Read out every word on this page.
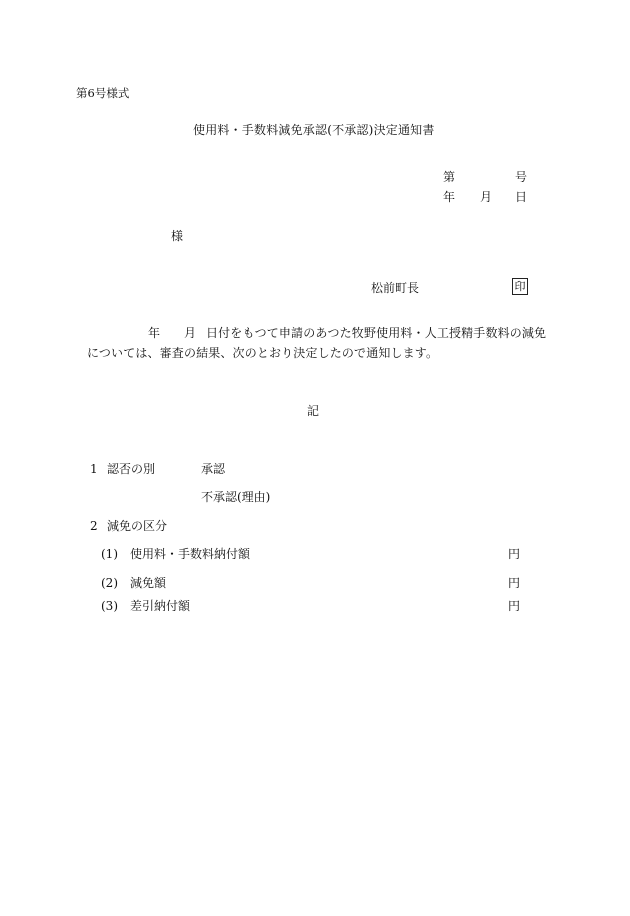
第6号様式
使用料・手数料減免承認(不承認)決定通知書
第	号
年 月 日
様
松前町長	印
年 月 日付をもつて申請のあつた牧野使用料・人工授精手数料の減免
については、審査の結果、次のとおり決定したので通知します。
記
1 認否の別	承認
不承認(理由)
2 減免の区分
(1) 使用料・手数料納付額	円
(2) 減免額	円
(3) 差引納付額	円
